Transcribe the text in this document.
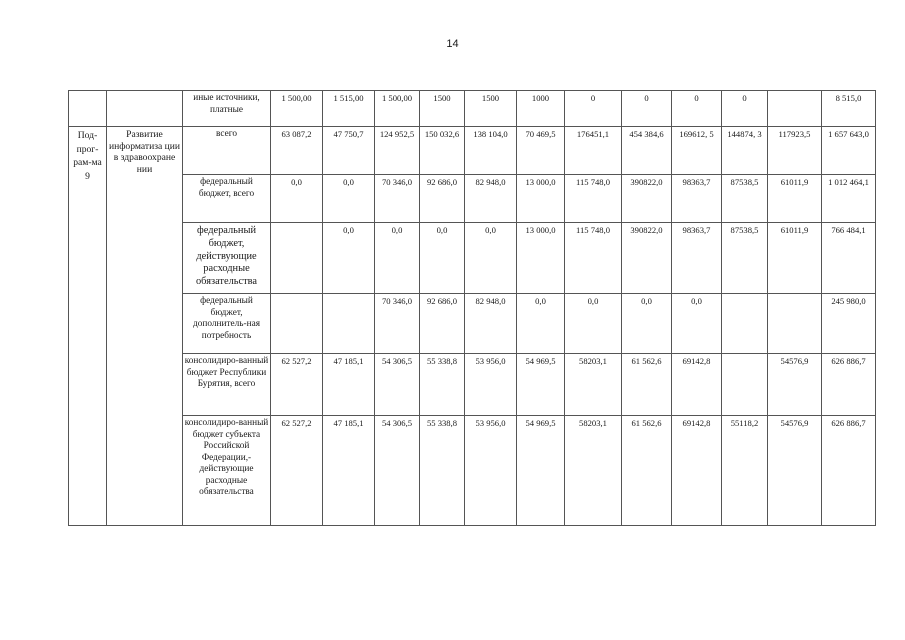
14
		иные источники, платные	1 500,00	1 515,00	1 500,00	1500	1500	1000	0	0	0	0		8 515,0
Под-прог-рам-ма 9	Развитие информатиза ции в здравоохране нии	всего	63 087,2	47 750,7	124 952,5	150 032,6	138 104,0	70 469,5	176451,1	454 384,6	169612, 5	144874, 3	117923,5	1 657 643,0
		федеральный бюджет, всего	0,0	0,0	70 346,0	92 686,0	82 948,0	13 000,0	115 748,0	390822,0	98363,7	87538,5	61011,9	1 012 464,1
		федеральный бюджет, действующие расходные обязательства		0,0	0,0	0,0	0,0	13 000,0	115 748,0	390822,0	98363,7	87538,5	61011,9	766 484,1
		федеральный бюджет, дополнитель-ная потребность			70 346,0	92 686,0	82 948,0	0,0	0,0	0,0	0,0			245 980,0
		консолидиро-ванный бюджет Республики Бурятия, всего	62 527,2	47 185,1	54 306,5	55 338,8	53 956,0	54 969,5	58203,1	61 562,6	69142,8		54576,9	626 886,7
		консолидиро-ванный бюджет субъекта Российской Федерации,-действующие расходные обязательства	62 527,2	47 185,1	54 306,5	55 338,8	53 956,0	54 969,5	58203,1	61 562,6	69142,8	55118,2	54576,9	626 886,7
